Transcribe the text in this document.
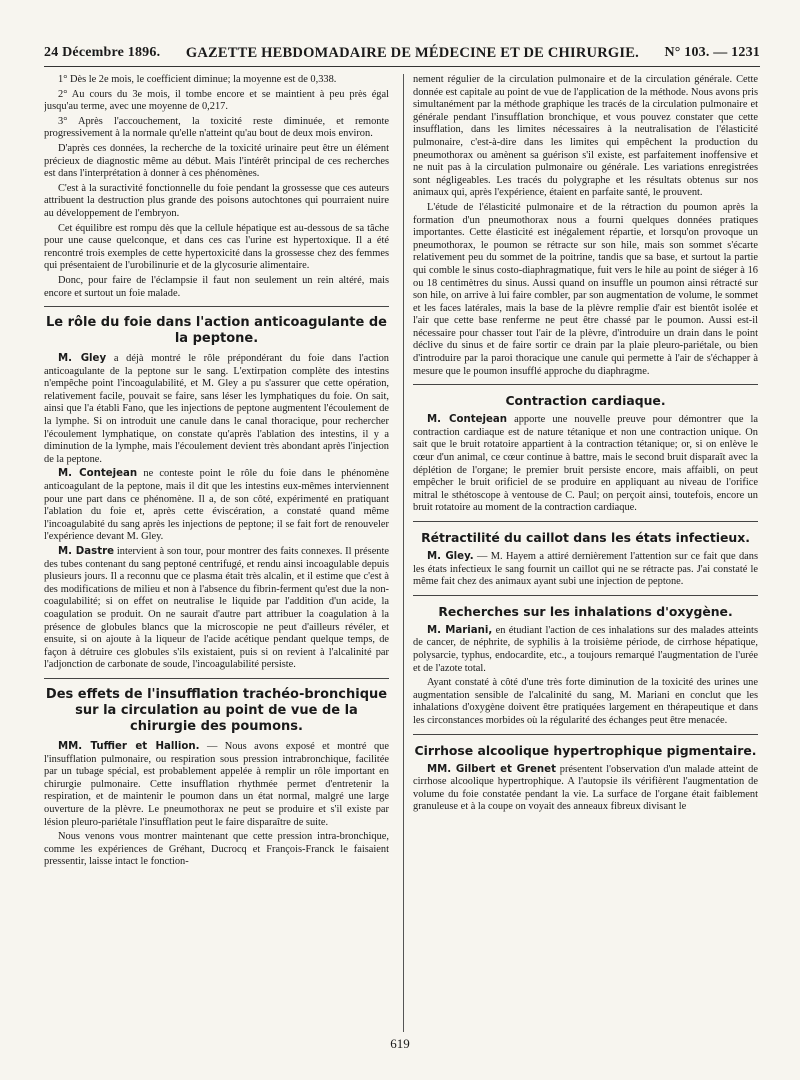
24 Décembre 1896. GAZETTE HEBDOMADAIRE DE MÉDECINE ET DE CHIRURGIE. N° 103. — 1231

1° Dès le 2e mois, le coefficient diminue; la moyenne est de 0,338.

2° Au cours du 3e mois, il tombe encore et se maintient à peu près égal jusqu'au terme, avec une moyenne de 0,217.

3° Après l'accouchement, la toxicité reste diminuée, et remonte progressivement à la normale qu'elle n'atteint qu'au bout de deux mois environ.

D'après ces données, la recherche de la toxicité urinaire peut être un élément précieux de diagnostic même au début. Mais l'intérêt principal de ces recherches est dans l'interprétation à donner à ces phénomènes.

C'est à la suractivité fonctionnelle du foie pendant la grossesse que ces auteurs attribuent la destruction plus grande des poisons autochtones qui pourraient nuire au développement de l'embryon.

Cet équilibre est rompu dès que la cellule hépatique est au-dessous de sa tâche pour une cause quelconque, et dans ces cas l'urine est hypertoxique. Il a été rencontré trois exemples de cette hypertoxicité dans la grossesse chez des femmes qui présentaient de l'urobilinurie et de la glycosurie alimentaire.

Donc, pour faire de l'éclampsie il faut non seulement un rein altéré, mais encore et surtout un foie malade.

Le rôle du foie dans l'action anticoagulante de la peptone.

M. Gley a déjà montré le rôle prépondérant du foie dans l'action anticoagulante de la peptone sur le sang. L'extirpation complète des intestins n'empêche point l'incoagulabilité, et M. Gley a pu s'assurer que cette opération, relativement facile, pouvait se faire, sans léser les lymphatiques du foie. On sait, ainsi que l'a établi Fano, que les injections de peptone augmentent l'écoulement de la lymphe. Si on introduit une canule dans le canal thoracique, pour rechercher l'écoulement lymphatique, on constate qu'après l'ablation des intestins, il y a diminution de la lymphe, mais l'écoulement devient très abondant après l'injection de la peptone.

M. Contejean ne conteste point le rôle du foie dans le phénomène anticoagulant de la peptone, mais il dit que les intestins eux-mêmes interviennent pour une part dans ce phénomène. Il a, de son côté, expérimenté en pratiquant l'ablation du foie et, après cette éviscération, a constaté quand même l'incoagulabité du sang après les injections de peptone; il se fait fort de renouveler l'expérience devant M. Gley.

M. Dastre intervient à son tour, pour montrer des faits connexes. Il présente des tubes contenant du sang peptoné centrifugé, et rendu ainsi incoagulable depuis plusieurs jours. Il a reconnu que ce plasma était très alcalin, et il estime que c'est à des modifications de milieu et non à l'absence du fibrin-ferment qu'est due la non-coagulabilité; si on effet on neutralise le liquide par l'addition d'un acide, la coagulation se produit. On ne saurait d'autre part attribuer la coagulation à la présence de globules blancs que la microscopie ne peut d'ailleurs révéler, et ensuite, si on ajoute à la liqueur de l'acide acétique pendant quelque temps, de façon à détruire ces globules s'ils existaient, puis si on revient à l'alcalinité par l'adjonction de carbonate de soude, l'incoagulabilité persiste.

Des effets de l'insufflation trachéo-bronchique sur la circulation au point de vue de la chirurgie des poumons.

MM. Tuffier et Hallion. — Nous avons exposé et montré que l'insufflation pulmonaire, ou respiration sous pression intrabronchique, facilitée par un tubage spécial, est probablement appelée à remplir un rôle important en chirurgie pulmonaire. Cette insufflation rhythmée permet d'entretenir la respiration, et de maintenir le poumon dans un état normal, malgré une large ouverture de la plèvre. Le pneumothorax ne peut se produire et s'il existe par lésion pleuro-pariétale l'insufflation peut le faire disparaître de suite.

Nous venons vous montrer maintenant que cette pression intra-bronchique, comme les expériences de Gréhant, Ducrocq et François-Franck le faisaient pressentir, laisse intact le fonction-

nement régulier de la circulation pulmonaire et de la circulation générale. Cette donnée est capitale au point de vue de l'application de la méthode. Nous avons pris simultanément par la méthode graphique les tracés de la circulation pulmonaire et générale pendant l'insufflation bronchique, et vous pouvez constater que cette insufflation, dans les limites nécessaires à la neutralisation de l'élasticité pulmonaire, c'est-à-dire dans les limites qui empêchent la production du pneumothorax ou amènent sa guérison s'il existe, est parfaitement inoffensive et ne nuit pas à la circulation pulmonaire ou générale. Les variations enregistrées sont négligeables. Les tracés du polygraphe et les résultats obtenus sur nos animaux qui, après l'expérience, étaient en parfaite santé, le prouvent.

L'étude de l'élasticité pulmonaire et de la rétraction du poumon après la formation d'un pneumothorax nous a fourni quelques données pratiques importantes. Cette élasticité est inégalement répartie, et lorsqu'on provoque un pneumothorax, le poumon se rétracte sur son hile, mais son sommet s'écarte relativement peu du sommet de la poitrine, tandis que sa base, et surtout la partie qui comble le sinus costo-diaphragmatique, fuit vers le hile au point de siéger à 16 ou 18 centimètres du sinus. Aussi quand on insuffle un poumon ainsi rétracté sur son hile, on arrive à lui faire combler, par son augmentation de volume, le sommet et les faces latérales, mais la base de la plèvre remplie d'air est bientôt isolée et l'air que cette base renferme ne peut être chassé par le poumon. Aussi est-il nécessaire pour chasser tout l'air de la plèvre, d'introduire un drain dans le point déclive du sinus et de faire sortir ce drain par la plaie pleuro-pariétale, ou bien d'introduire par la paroi thoracique une canule qui permette à l'air de s'échapper à mesure que le poumon insufflé approche du diaphragme.

Contraction cardiaque.

M. Contejean apporte une nouvelle preuve pour démontrer que la contraction cardiaque est de nature tétanique et non une contraction unique. On sait que le bruit rotatoire appartient à la contraction tétanique; or, si on enlève le cœur d'un animal, ce cœur continue à battre, mais le second bruit disparaît avec la déplétion de l'organe; le premier bruit persiste encore, mais affaibli, on peut empêcher le bruit orificiel de se produire en appliquant au niveau de l'orifice mitral le sthétoscope à ventouse de C. Paul; on perçoit ainsi, toutefois, encore un bruit rotatoire au moment de la contraction cardiaque.

Rétractilité du caillot dans les états infectieux.

M. Gley. — M. Hayem a attiré dernièrement l'attention sur ce fait que dans les états infectieux le sang fournit un caillot qui ne se rétracte pas. J'ai constaté le même fait chez des animaux ayant subi une injection de peptone.

Recherches sur les inhalations d'oxygène.

M. Mariani, en étudiant l'action de ces inhalations sur des malades atteints de cancer, de néphrite, de syphilis à la troisième période, de cirrhose hépatique, polysarcie, typhus, endocardite, etc., a toujours remarqué l'augmentation de l'urée et de l'azote total.

Ayant constaté à côté d'une très forte diminution de la toxicité des urines une augmentation sensible de l'alcalinité du sang, M. Mariani en conclut que les inhalations d'oxygène doivent être pratiquées largement en thérapeutique et dans les circonstances morbides où la régularité des échanges peut être menacée.

Cirrhose alcoolique hypertrophique pigmentaire.

MM. Gilbert et Grenet présentent l'observation d'un malade atteint de cirrhose alcoolique hypertrophique. A l'autopsie ils vérifièrent l'augmentation de volume du foie constatée pendant la vie. La surface de l'organe était faiblement granuleuse et à la coupe on voyait des anneaux fibreux divisant le

619
